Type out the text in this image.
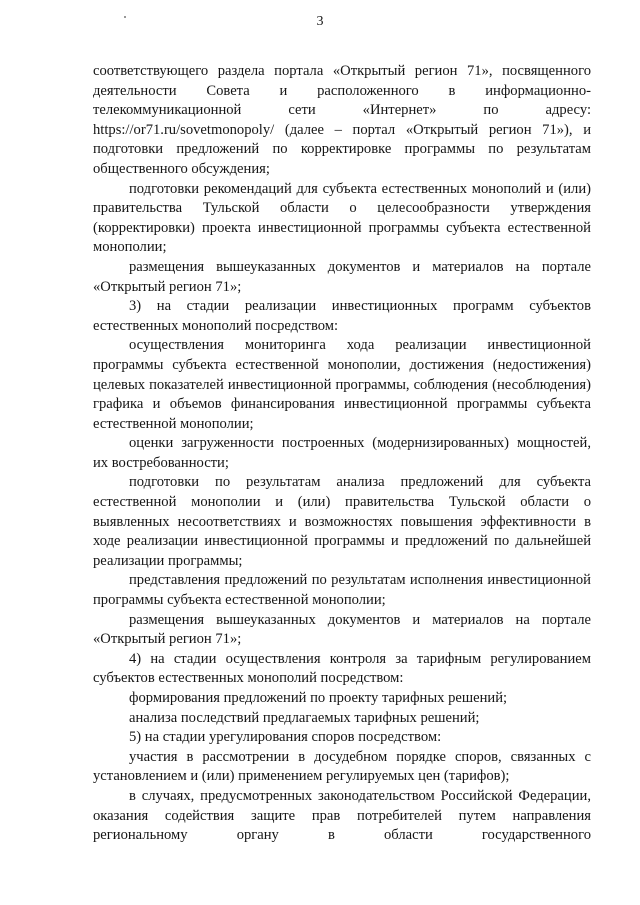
3

соответствующего раздела портала «Открытый регион 71», посвященного деятельности Совета и расположенного в информационно-телекоммуникационной сети «Интернет» по адресу: https://or71.ru/sovetmonopoly/ (далее – портал «Открытый регион 71»), и подготовки предложений по корректировке программы по результатам общественного обсуждения;

подготовки рекомендаций для субъекта естественных монополий и (или) правительства Тульской области о целесообразности утверждения (корректировки) проекта инвестиционной программы субъекта естественной монополии;

размещения вышеуказанных документов и материалов на портале «Открытый регион 71»;

3) на стадии реализации инвестиционных программ субъектов естественных монополий посредством:

осуществления мониторинга хода реализации инвестиционной программы субъекта естественной монополии, достижения (недостижения) целевых показателей инвестиционной программы, соблюдения (несоблюдения) графика и объемов финансирования инвестиционной программы субъекта естественной монополии;

оценки загруженности построенных (модернизированных) мощностей, их востребованности;

подготовки по результатам анализа предложений для субъекта естественной монополии и (или) правительства Тульской области о выявленных несоответствиях и возможностях повышения эффективности в ходе реализации инвестиционной программы и предложений по дальнейшей реализации программы;

представления предложений по результатам исполнения инвестиционной программы субъекта естественной монополии;

размещения вышеуказанных документов и материалов на портале «Открытый регион 71»;

4) на стадии осуществления контроля за тарифным регулированием субъектов естественных монополий посредством:

формирования предложений по проекту тарифных решений;

анализа последствий предлагаемых тарифных решений;

5) на стадии урегулирования споров посредством:

участия в рассмотрении в досудебном порядке споров, связанных с установлением и (или) применением регулируемых цен (тарифов);

в случаях, предусмотренных законодательством Российской Федерации, оказания содействия защите прав потребителей путем направления региональному органу в области государственного
